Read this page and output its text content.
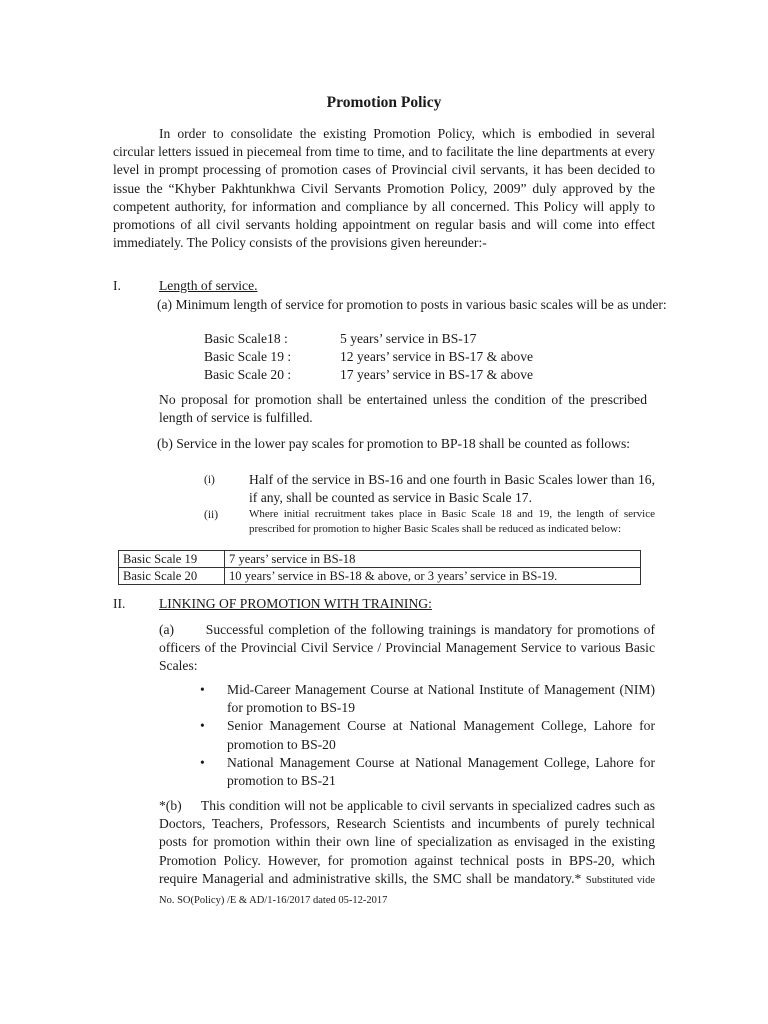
Promotion Policy

In order to consolidate the existing Promotion Policy, which is embodied in several circular letters issued in piecemeal from time to time, and to facilitate the line departments at every level in prompt processing of promotion cases of Provincial civil servants, it has been decided to issue the “Khyber Pakhtunkhwa Civil Servants Promotion Policy, 2009” duly approved by the competent authority, for information and compliance by all concerned. This Policy will apply to promotions of all civil servants holding appointment on regular basis and will come into effect immediately. The Policy consists of the provisions given hereunder:-

I.	Length of service.

(a) Minimum length of service for promotion to posts in various basic scales will be as under:

Basic Scale18 :	5 years’ service in BS-17
Basic Scale 19 :	12 years’ service in BS-17 & above
Basic Scale 20 :	17 years’ service in BS-17 & above

No proposal for promotion shall be entertained unless the condition of the prescribed length of service is fulfilled.

(b) Service in the lower pay scales for promotion to BP-18 shall be counted as follows:

(i)	Half of the service in BS-16 and one fourth in Basic Scales lower than 16, if any, shall be counted as service in Basic Scale 17.

(ii)	Where initial recruitment takes place in Basic Scale 18 and 19, the length of service prescribed for promotion to higher Basic Scales shall be reduced as indicated below:

Basic Scale 19	7 years’ service in BS-18
Basic Scale 20	10 years’ service in BS-18 & above, or 3 years’ service in BS-19.
II. LINKING OF PROMOTION WITH TRAINING:

(a)       Successful completion of the following trainings is mandatory for promotions of officers of the Provincial Civil Service / Provincial Management Service to various Basic Scales:

• Mid-Career Management Course at National Institute of Management (NIM) for promotion to BS-19
• Senior Management Course at National Management College, Lahore for promotion to BS-20
• National Management Course at National Management College, Lahore for promotion to BS-21

*(b)     This condition will not be applicable to civil servants in specialized cadres such as Doctors, Teachers, Professors, Research Scientists and incumbents of purely technical posts for promotion within their own line of specialization as envisaged in the existing Promotion Policy. However, for promotion against technical posts in BPS-20, which require Managerial and administrative skills, the SMC shall be mandatory.* Substituted vide No. SO(Policy) /E & AD/1-16/2017 dated 05-12-2017
